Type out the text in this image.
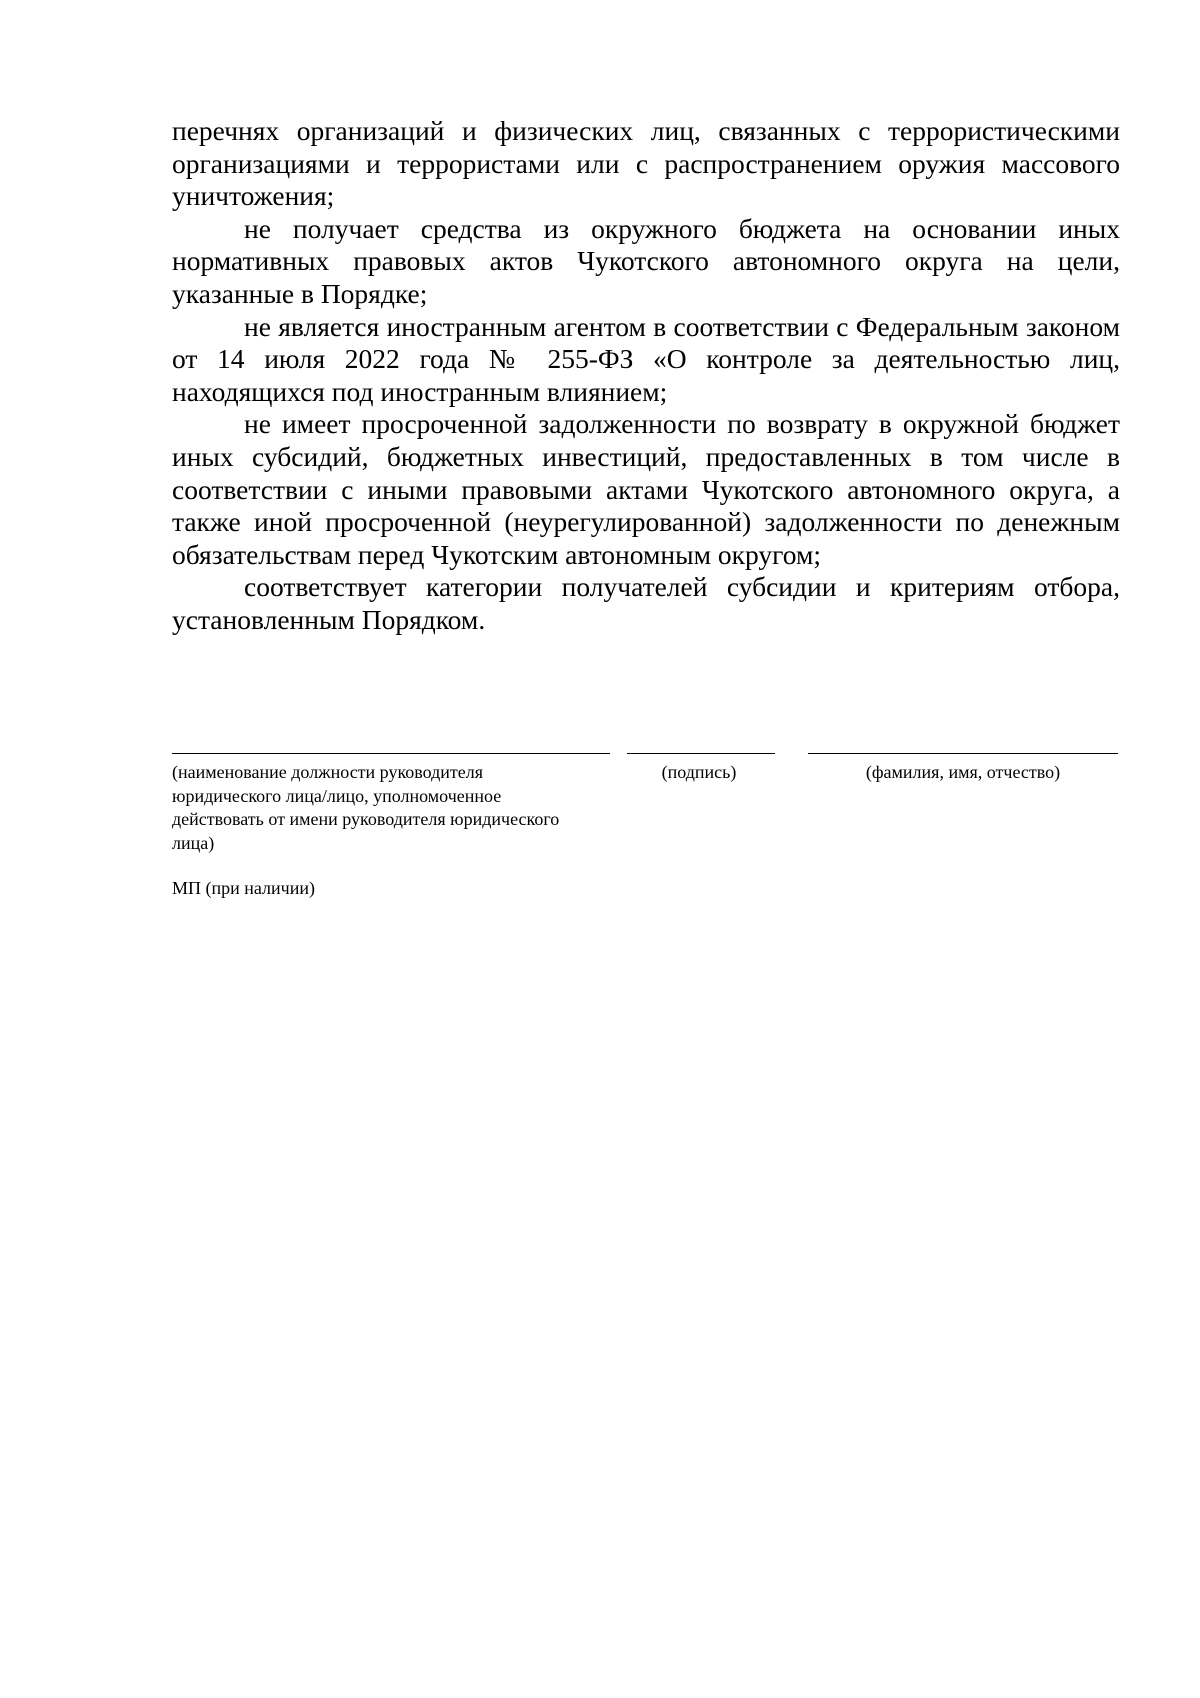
перечнях организаций и физических лиц, связанных с террористическими организациями и террористами или с распространением оружия массового уничтожения;

не получает средства из окружного бюджета на основании иных нормативных правовых актов Чукотского автономного округа на цели, указанные в Порядке;

не является иностранным агентом в соответствии с Федеральным законом от 14 июля 2022 года № 255-ФЗ «О контроле за деятельностью лиц, находящихся под иностранным влиянием;

не имеет просроченной задолженности по возврату в окружной бюджет иных субсидий, бюджетных инвестиций, предоставленных в том числе в соответствии с иными правовыми актами Чукотского автономного округа, а также иной просроченной (неурегулированной) задолженности по денежным обязательствам перед Чукотским автономным округом;

соответствует категории получателей субсидии и критериям отбора, установленным Порядком.

(наименование должности руководителя юридического лица/лицо, уполномоченное действовать от имени руководителя юридического лица)
(подпись)	(фамилия, имя, отчество)
МП (при наличии)
